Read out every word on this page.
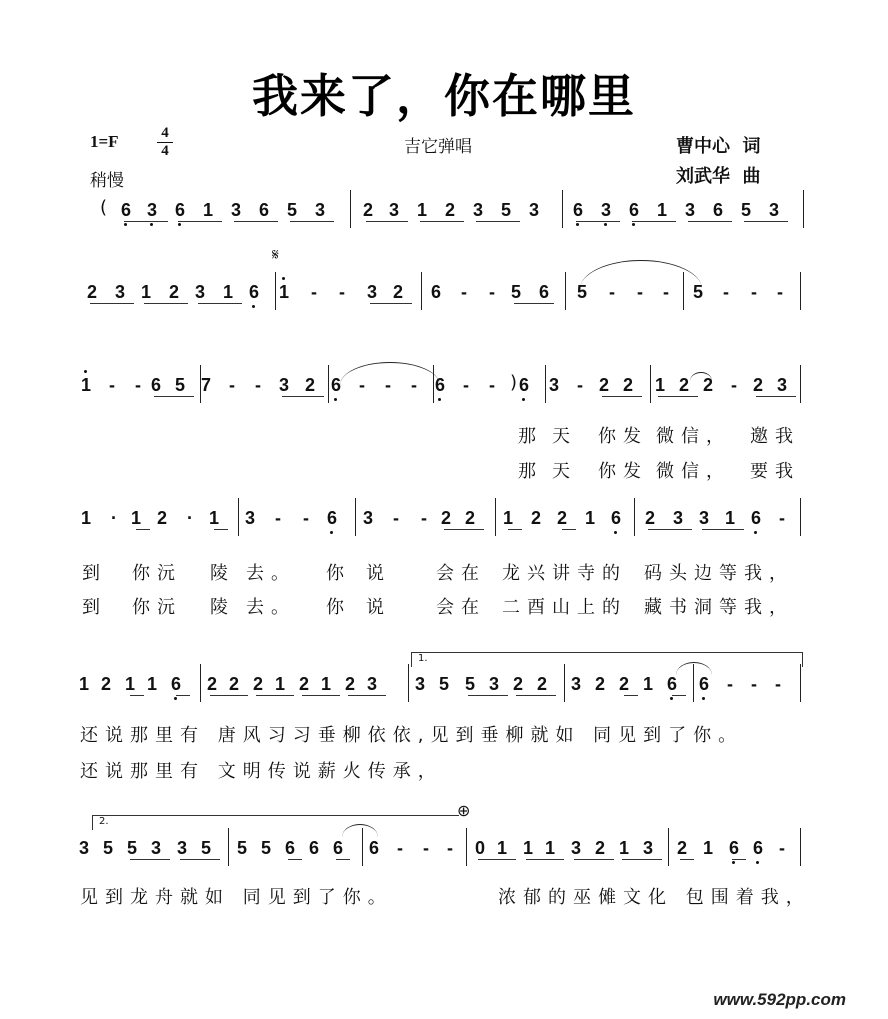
我来了，你在哪里
1=F	4
4
稍慢
吉它弹唱	曹中心  词
刘武华  曲
6 3 6 1 3 6 5 3 2 3 1 2 3 5 3 6 3 6 1 3 6 5 3
(
2 3 1 2 3 1 6 1 - - 3 2 6 - - 5 6 5 - - - 5 - - -
𝄋
1 - - 6 5 7 - - 3 2 6 - - - 6 - - 6 3 - 2 2 1 2 2 - 2 3
)
那 天 你发 微信， 邀我
那 天 你发 微信， 要我
1 · 1 2 · 1 3 - - 6 3 - - 2 2 1 2 2 1 6 2 3 3 1 6 -
到 你沅 陵 去。 你 说	会在 龙兴讲寺的 码头边等我，
到 你沅 陵 去。 你 说	会在 二酉山上的 藏书洞等我，
1 2 1 1 6 2 2 2 1 2 1 2 3 3 5 5 3 2 2 3 2 2 1 6 6 - - -
1.
还说那里有 唐风习习垂柳依依,见到垂柳就如 同见到了你。
还说那里有 文明传说薪火传承，
3 5 5 3 3 5 5 5 6 6 6 6 - - - 0 1 1 1 3 2 1 3 2 1 6 6 -
2.
⊕
见到龙舟就如 同见到了你。	浓郁的巫傩文化 包围着我，
www.592pp.com
